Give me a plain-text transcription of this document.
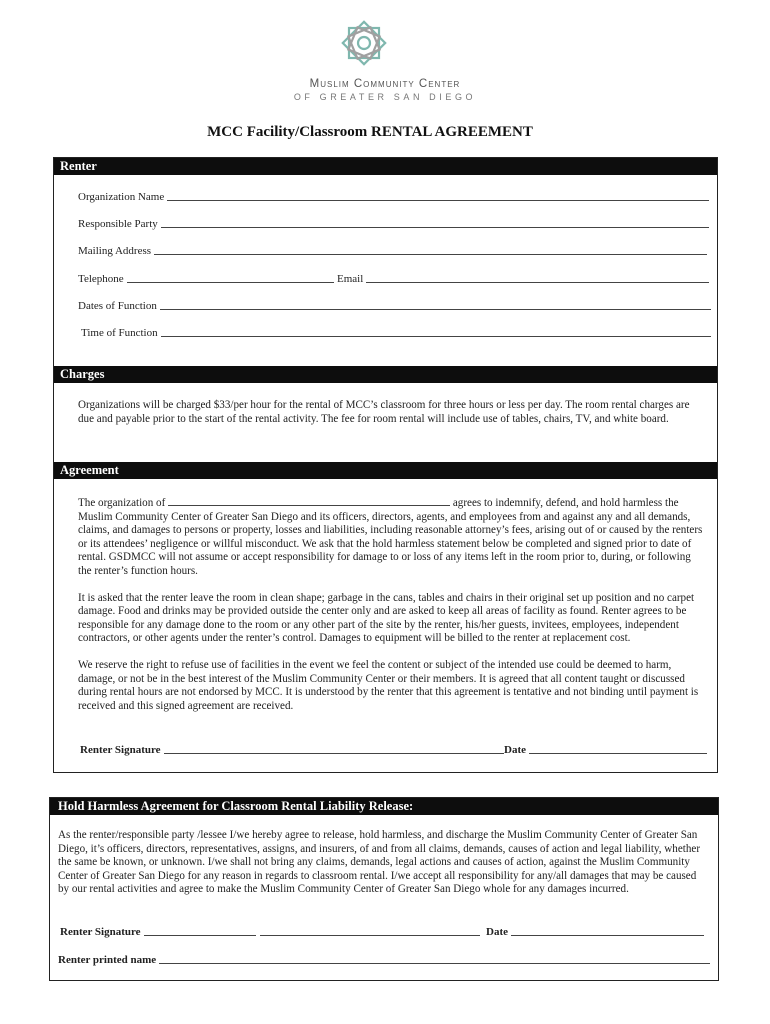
Muslim Community Center
OF GREATER SAN DIEGO
MCC Facility/Classroom RENTAL AGREEMENT
Renter
Organization Name
Responsible Party
Mailing Address
Telephone	Email
Dates of Function
Time of Function
Charges
Organizations will be charged $33/per hour for the rental of MCC’s classroom for three hours or less per day. The room rental charges are due and payable prior to the start of the rental activity. The fee for room rental will include use of tables, chairs, TV, and white board.
Agreement

The organization of	agrees to indemnify, defend, and hold harmless the Muslim Community Center of Greater San Diego and its officers, directors, agents, and employees from and against any and all demands, claims, and damages to persons or property, losses and liabilities, including reasonable attorney’s fees, arising out of or caused by the renters or its attendees’ negligence or willful misconduct. We ask that the hold harmless statement below be completed and signed prior to date of rental. GSDMCC will not assume or accept responsibility for damage to or loss of any items left in the room prior to, during, or following the renter’s function hours.

It is asked that the renter leave the room in clean shape; garbage in the cans, tables and chairs in their original set up position and no carpet damage. Food and drinks may be provided outside the center only and are asked to keep all areas of facility as found. Renter agrees to be responsible for any damage done to the room or any other part of the site by the renter, his/her guests, invitees, employees, independent contractors, or other agents under the renter’s control. Damages to equipment will be billed to the renter at replacement cost.

We reserve the right to refuse use of facilities in the event we feel the content or subject of the intended use could be deemed to harm, damage, or not be in the best interest of the Muslim Community Center or their members. It is agreed that all content taught or discussed during rental hours are not endorsed by MCC. It is understood by the renter that this agreement is tentative and not binding until payment is received and this signed agreement are received.

Renter Signature	Date
Hold Harmless Agreement for Classroom Rental Liability Release:
As the renter/responsible party /lessee I/we hereby agree to release, hold harmless, and discharge the Muslim Community Center of Greater San Diego, it’s officers, directors, representatives, assigns, and insurers, of and from all claims, demands, causes of action and legal liability, whether the same be known, or unknown. I/we shall not bring any claims, demands, legal actions and causes of action, against the Muslim Community Center of Greater San Diego for any reason in regards to classroom rental. I/we accept all responsibility for any/all damages that may be caused by our rental activities and agree to make the Muslim Community Center of Greater San Diego whole for any damages incurred.
Renter Signature	Date
Renter printed name
